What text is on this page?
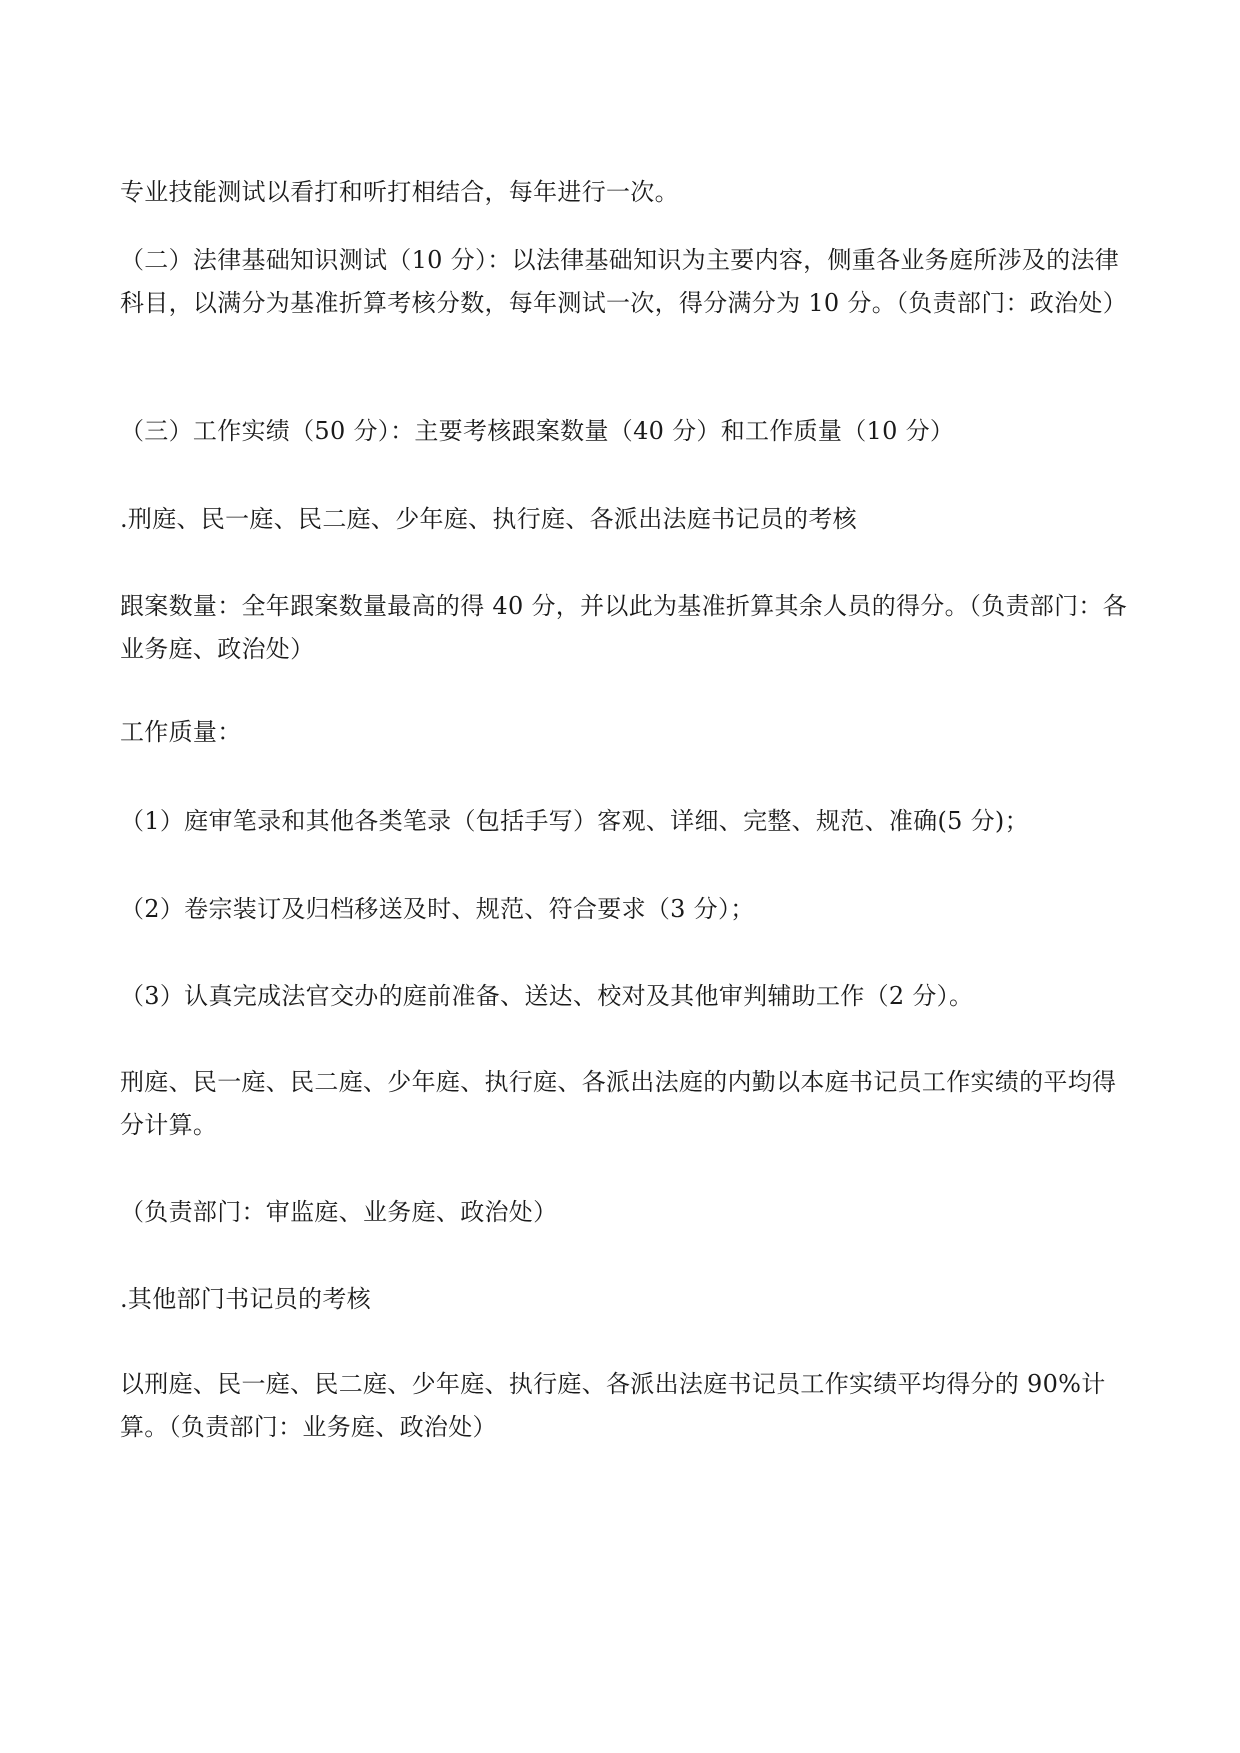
专业技能测试以看打和听打相结合，每年进行一次。

（二）法律基础知识测试（10 分）：以法律基础知识为主要内容，侧重各业务庭所涉及的法律科目，以满分为基准折算考核分数，每年测试一次，得分满分为 10 分。（负责部门：政治处）

（三）工作实绩（50 分）：主要考核跟案数量（40 分）和工作质量（10 分）

.刑庭、民一庭、民二庭、少年庭、执行庭、各派出法庭书记员的考核

跟案数量：全年跟案数量最高的得 40 分，并以此为基准折算其余人员的得分。（负责部门：各业务庭、政治处）

工作质量：

（1）庭审笔录和其他各类笔录（包括手写）客观、详细、完整、规范、准确(5 分)；

（2）卷宗装订及归档移送及时、规范、符合要求（3 分）；

（3）认真完成法官交办的庭前准备、送达、校对及其他审判辅助工作（2 分）。

刑庭、民一庭、民二庭、少年庭、执行庭、各派出法庭的内勤以本庭书记员工作实绩的平均得分计算。

（负责部门：审监庭、业务庭、政治处）

.其他部门书记员的考核

以刑庭、民一庭、民二庭、少年庭、执行庭、各派出法庭书记员工作实绩平均得分的 90%计算。（负责部门：业务庭、政治处）
